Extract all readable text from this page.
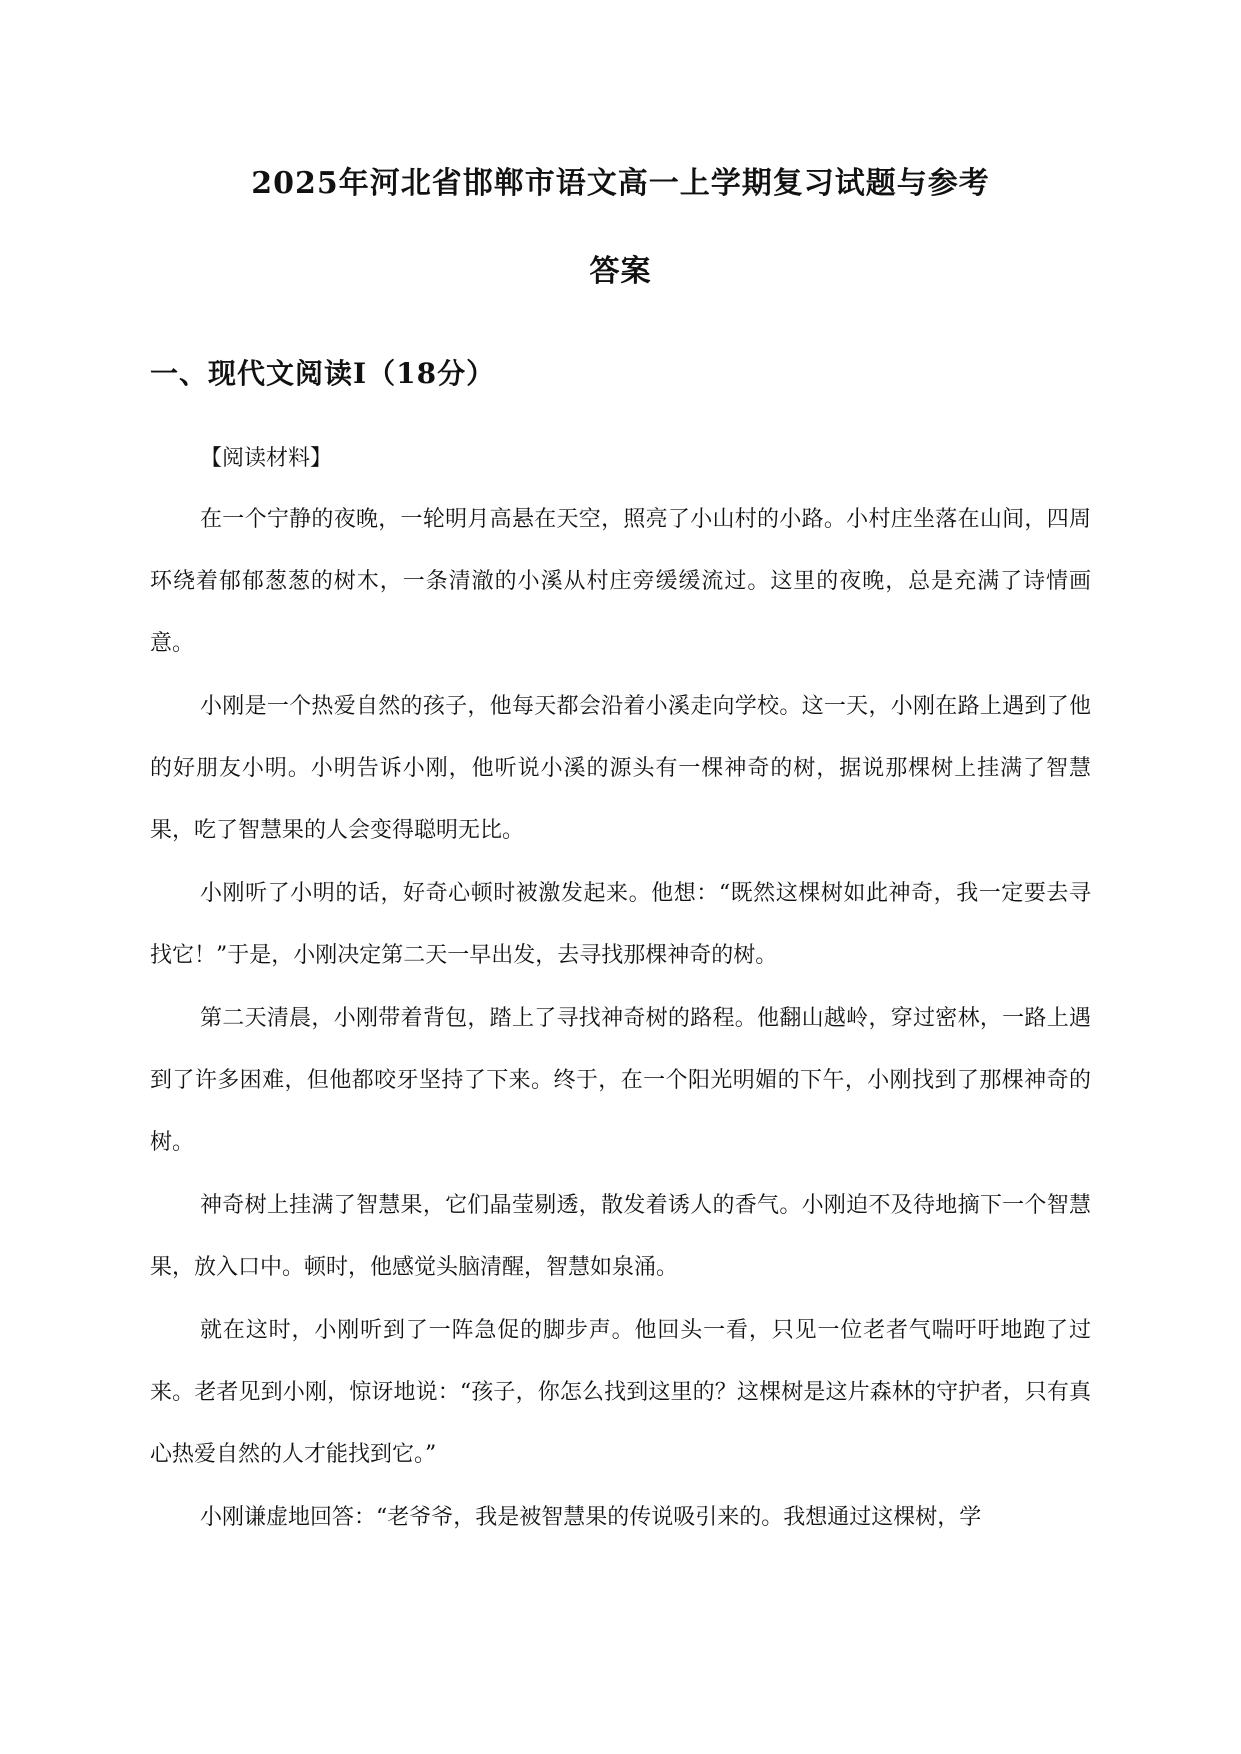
2025年河北省邯郸市语文高一上学期复习试题与参考
答案
一、现代文阅读Ⅰ（18分）

【阅读材料】

在一个宁静的夜晚，一轮明月高悬在天空，照亮了小山村的小路。小村庄坐落在山间，四周环绕着郁郁葱葱的树木，一条清澈的小溪从村庄旁缓缓流过。这里的夜晚，总是充满了诗情画意。

小刚是一个热爱自然的孩子，他每天都会沿着小溪走向学校。这一天，小刚在路上遇到了他的好朋友小明。小明告诉小刚，他听说小溪的源头有一棵神奇的树，据说那棵树上挂满了智慧果，吃了智慧果的人会变得聪明无比。

小刚听了小明的话，好奇心顿时被激发起来。他想：“既然这棵树如此神奇，我一定要去寻找它！”于是，小刚决定第二天一早出发，去寻找那棵神奇的树。

第二天清晨，小刚带着背包，踏上了寻找神奇树的路程。他翻山越岭，穿过密林，一路上遇到了许多困难，但他都咬牙坚持了下来。终于，在一个阳光明媚的下午，小刚找到了那棵神奇的树。

神奇树上挂满了智慧果，它们晶莹剔透，散发着诱人的香气。小刚迫不及待地摘下一个智慧果，放入口中。顿时，他感觉头脑清醒，智慧如泉涌。

就在这时，小刚听到了一阵急促的脚步声。他回头一看，只见一位老者气喘吁吁地跑了过来。老者见到小刚，惊讶地说：“孩子，你怎么找到这里的？这棵树是这片森林的守护者，只有真心热爱自然的人才能找到它。”

小刚谦虚地回答：“老爷爷，我是被智慧果的传说吸引来的。我想通过这棵树，学
